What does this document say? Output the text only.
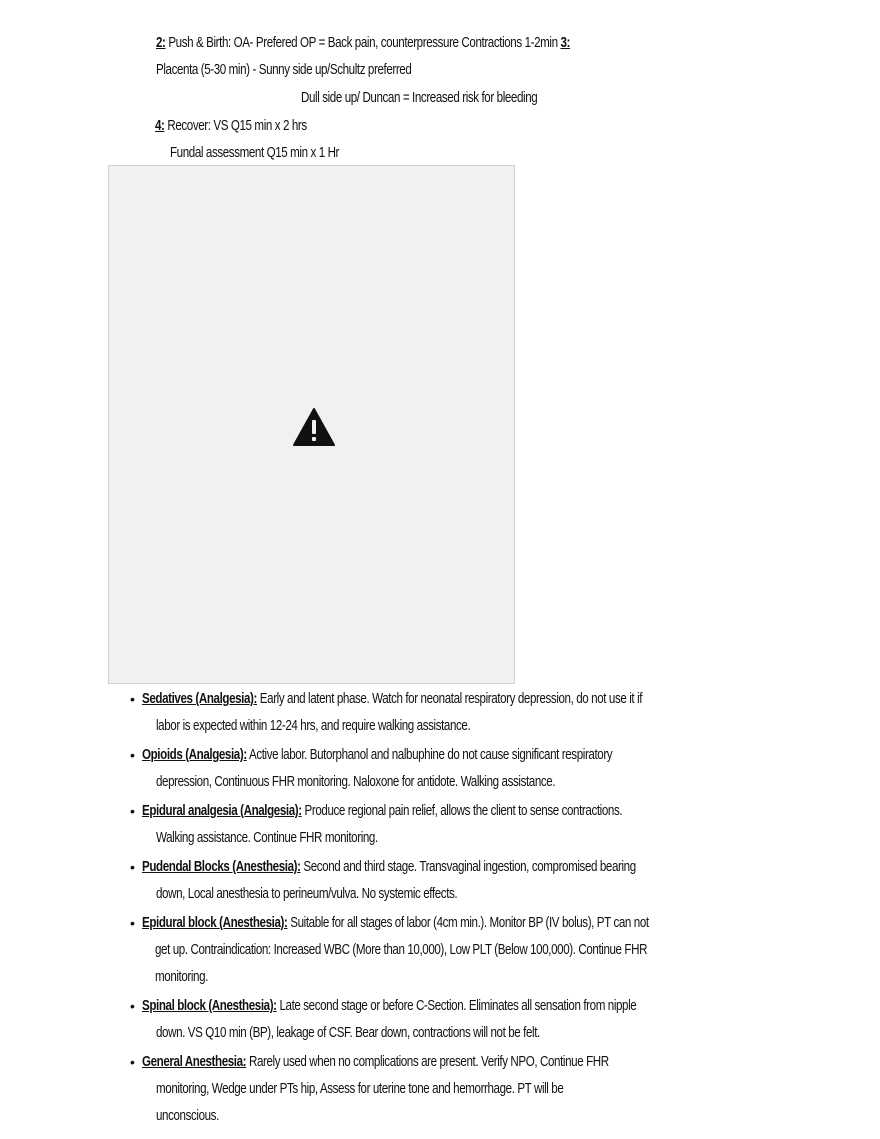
2: Push & Birth: OA- Prefered OP = Back pain, counterpressure Contractions 1-2min 3:
Placenta (5-30 min) - Sunny side up/Schultz preferred
Dull side up/ Duncan = Increased risk for bleeding
4: Recover: VS Q15 min x 2 hrs
Fundal assessment Q15 min x 1 Hr
• Sedatives (Analgesia): Early and latent phase. Watch for neonatal respiratory depression, do not use it if
labor is expected within 12-24 hrs, and require walking assistance.
• Opioids (Analgesia): Active labor. Butorphanol and nalbuphine do not cause significant respiratory
depression, Continuous FHR monitoring. Naloxone for antidote. Walking assistance.
• Epidural analgesia (Analgesia): Produce regional pain relief, allows the client to sense contractions.
Walking assistance. Continue FHR monitoring.
• Pudendal Blocks (Anesthesia): Second and third stage. Transvaginal ingestion, compromised bearing
down, Local anesthesia to perineum/vulva. No systemic effects.
• Epidural block (Anesthesia): Suitable for all stages of labor (4cm min.). Monitor BP (IV bolus), PT can not
get up. Contraindication: Increased WBC (More than 10,000), Low PLT (Below 100,000). Continue FHR
monitoring.
• Spinal block (Anesthesia): Late second stage or before C-Section. Eliminates all sensation from nipple
down. VS Q10 min (BP), leakage of CSF. Bear down, contractions will not be felt.
• General Anesthesia: Rarely used when no complications are present. Verify NPO, Continue FHR
monitoring, Wedge under PTs hip, Assess for uterine tone and hemorrhage. PT will be
unconscious.
